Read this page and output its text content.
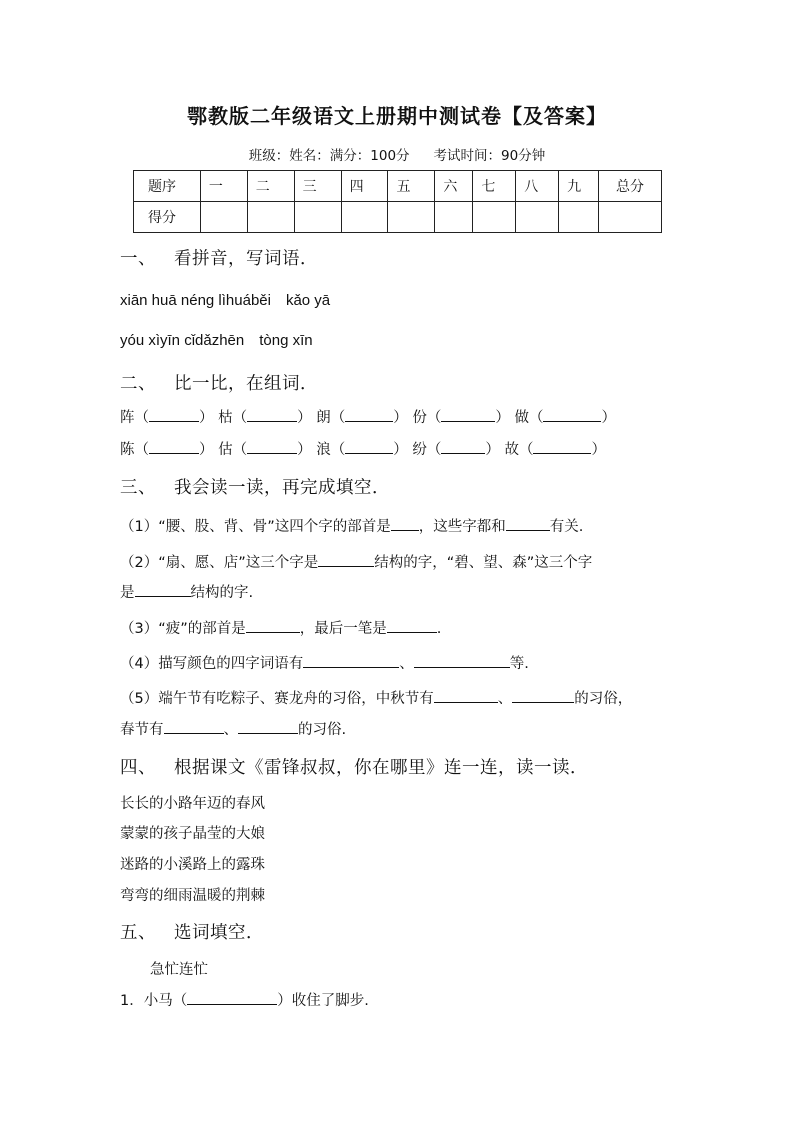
鄂教版二年级语文上册期中测试卷【及答案】
班级：姓名：满分：100分 考试时间：90分钟
题序	一	二	三	四	五	六	七	八	九	总分
得分										
一、 看拼音，写词语．
xiān huā néng lìhuáběi　kǎo yā
yóu xìyīn cǐdǎzhēn　tòng xīn
二、 比一比，在组词．
阵（	） 枯（	） 朗（	） 份（	） 做（	）
陈（	） 估（	） 浪（	） 纷（	） 故（	）
三、 我会读一读，再完成填空．
（1）“腰、股、背、骨”这四个字的部首是 ，这些字都和	有关.
（2）“扇、愿、店”这三个字是	结构的字，“碧、望、森”这三个字
是	结构的字.
（3）“疲”的部首是	，最后一笔是	.
（4）描写颜色的四字词语有	、	等.
（5）端午节有吃粽子、赛龙舟的习俗，中秋节有	、	的习俗，
春节有	、	的习俗.
四、 根据课文《雷锋叔叔，你在哪里》连一连，读一读．
长长的小路年迈的春风
蒙蒙的孩子晶莹的大娘
迷路的小溪路上的露珠
弯弯的细雨温暖的荆棘
五、 选词填空．
急忙连忙
1．小马（	）收住了脚步.
